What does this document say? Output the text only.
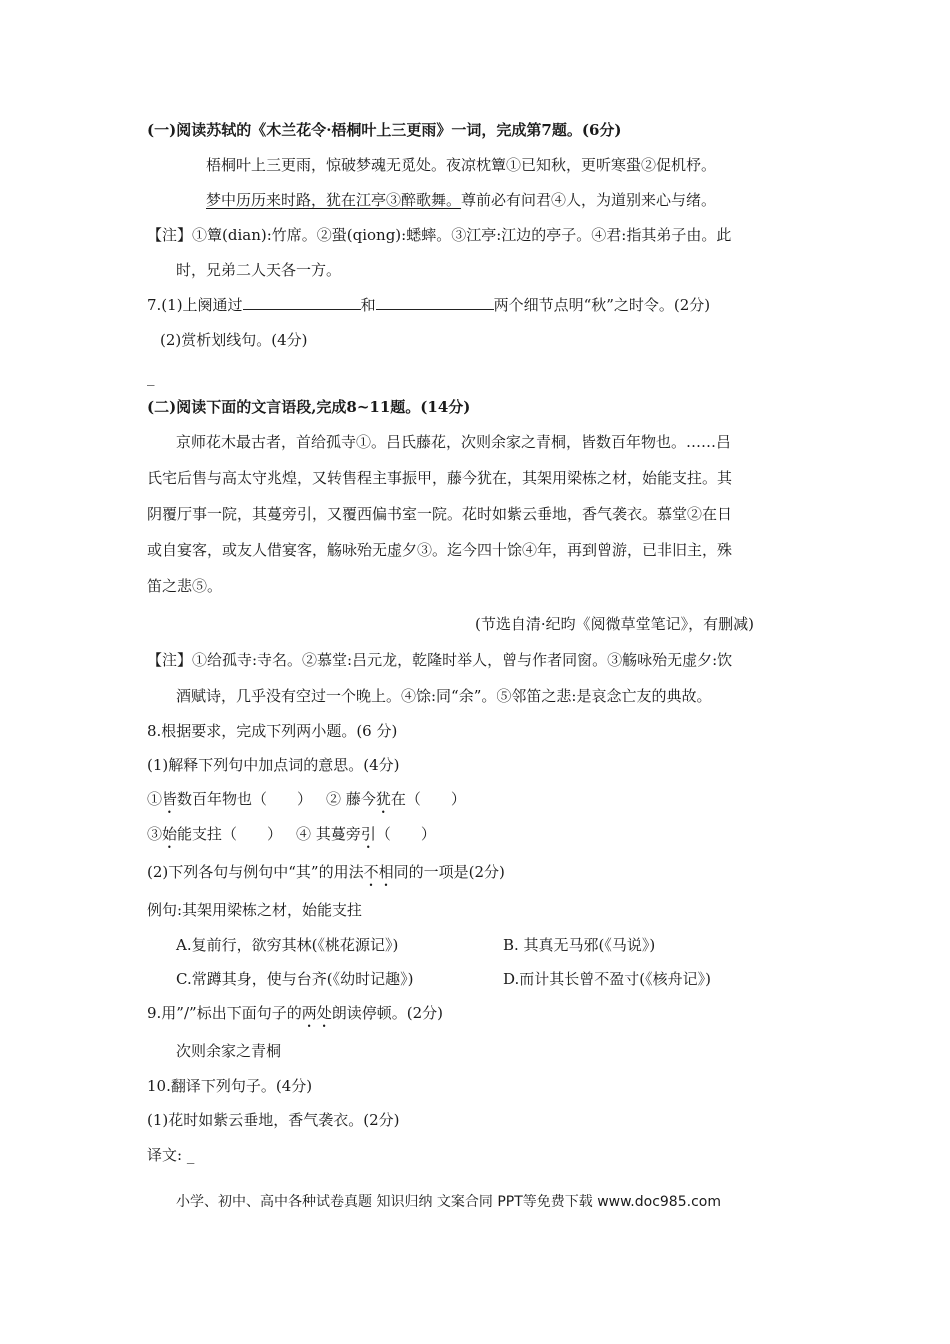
(一)阅读苏轼的《木兰花令·梧桐叶上三更雨》一词，完成第7题。(6分)
梧桐叶上三更雨，惊破梦魂无觅处。夜凉枕簟①已知秋，更听寒蛩②促机杼。
梦中历历来时路，犹在江亭③醉歌舞。尊前必有问君④人，为道别来心与绪。
【注】①簟(dian):竹席。②蛩(qiong):蟋蟀。③江亭:江边的亭子。④君:指其弟子由。此
时，兄弟二人天各一方。
7.(1)上阕通过	和	两个细节点明“秋”之时令。(2分)
(2)赏析划线句。(4分)
_
(二)阅读下面的文言语段,完成8~11题。(14分)
京师花木最古者，首给孤寺①。吕氏藤花，次则余家之青桐，皆数百年物也。……吕
氏宅后售与高太守兆煌，又转售程主事振甲，藤今犹在，其架用梁栋之材，始能支拄。其
阴覆厅事一院，其蔓旁引，又覆西偏书室一院。花时如紫云垂地，香气袭衣。慕堂②在日
或自宴客，或友人借宴客，觞咏殆无虚夕③。迄今四十馀④年，再到曾游，已非旧主，殊
笛之悲⑤。
(节选自清·纪昀《阅微草堂笔记》，有删减)
【注】①给孤寺:寺名。②慕堂:吕元龙，乾隆时举人，曾与作者同窗。③觞咏殆无虚夕:饮
酒赋诗，几乎没有空过一个晚上。④馀:同“余”。⑤邻笛之悲:是哀念亡友的典故。
8.根据要求，完成下列两小题。(6 分)
(1)解释下列句中加点词的意思。(4分)
①皆数百年物也（　　） ② 藤今犹在（　　）
③始能支拄（　　） ④ 其蔓旁引（　　）
(2)下列各句与例句中“其”的用法不相同的一项是(2分)
例句:其架用梁栋之材，始能支拄
A.复前行，欲穷其林(《桃花源记》)	B. 其真无马邪(《马说》)
C.常蹲其身，使与台齐(《幼时记趣》)	D.而计其长曾不盈寸(《核舟记》)
9.用”/”标出下面句子的两处朗读停顿。(2分)
次则余家之青桐
10.翻译下列句子。(4分)
(1)花时如紫云垂地，香气袭衣。(2分)
译文: _
小学、初中、高中各种试卷真题 知识归纳 文案合同 PPT等免费下载 www.doc985.com
